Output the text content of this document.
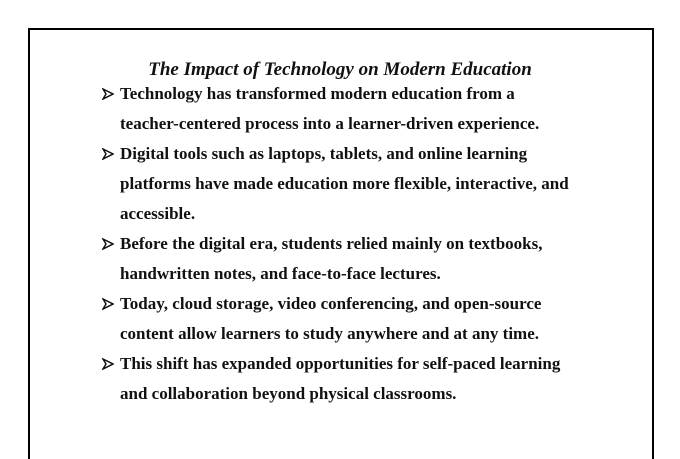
The Impact of Technology on Modern Education
Technology has transformed modern education from a
teacher-centered process into a learner-driven experience.
Digital tools such as laptops, tablets, and online learning
platforms have made education more flexible, interactive, and
accessible.
Before the digital era, students relied mainly on textbooks,
handwritten notes, and face-to-face lectures.
Today, cloud storage, video conferencing, and open-source
content allow learners to study anywhere and at any time.
This shift has expanded opportunities for self-paced learning
and collaboration beyond physical classrooms.
